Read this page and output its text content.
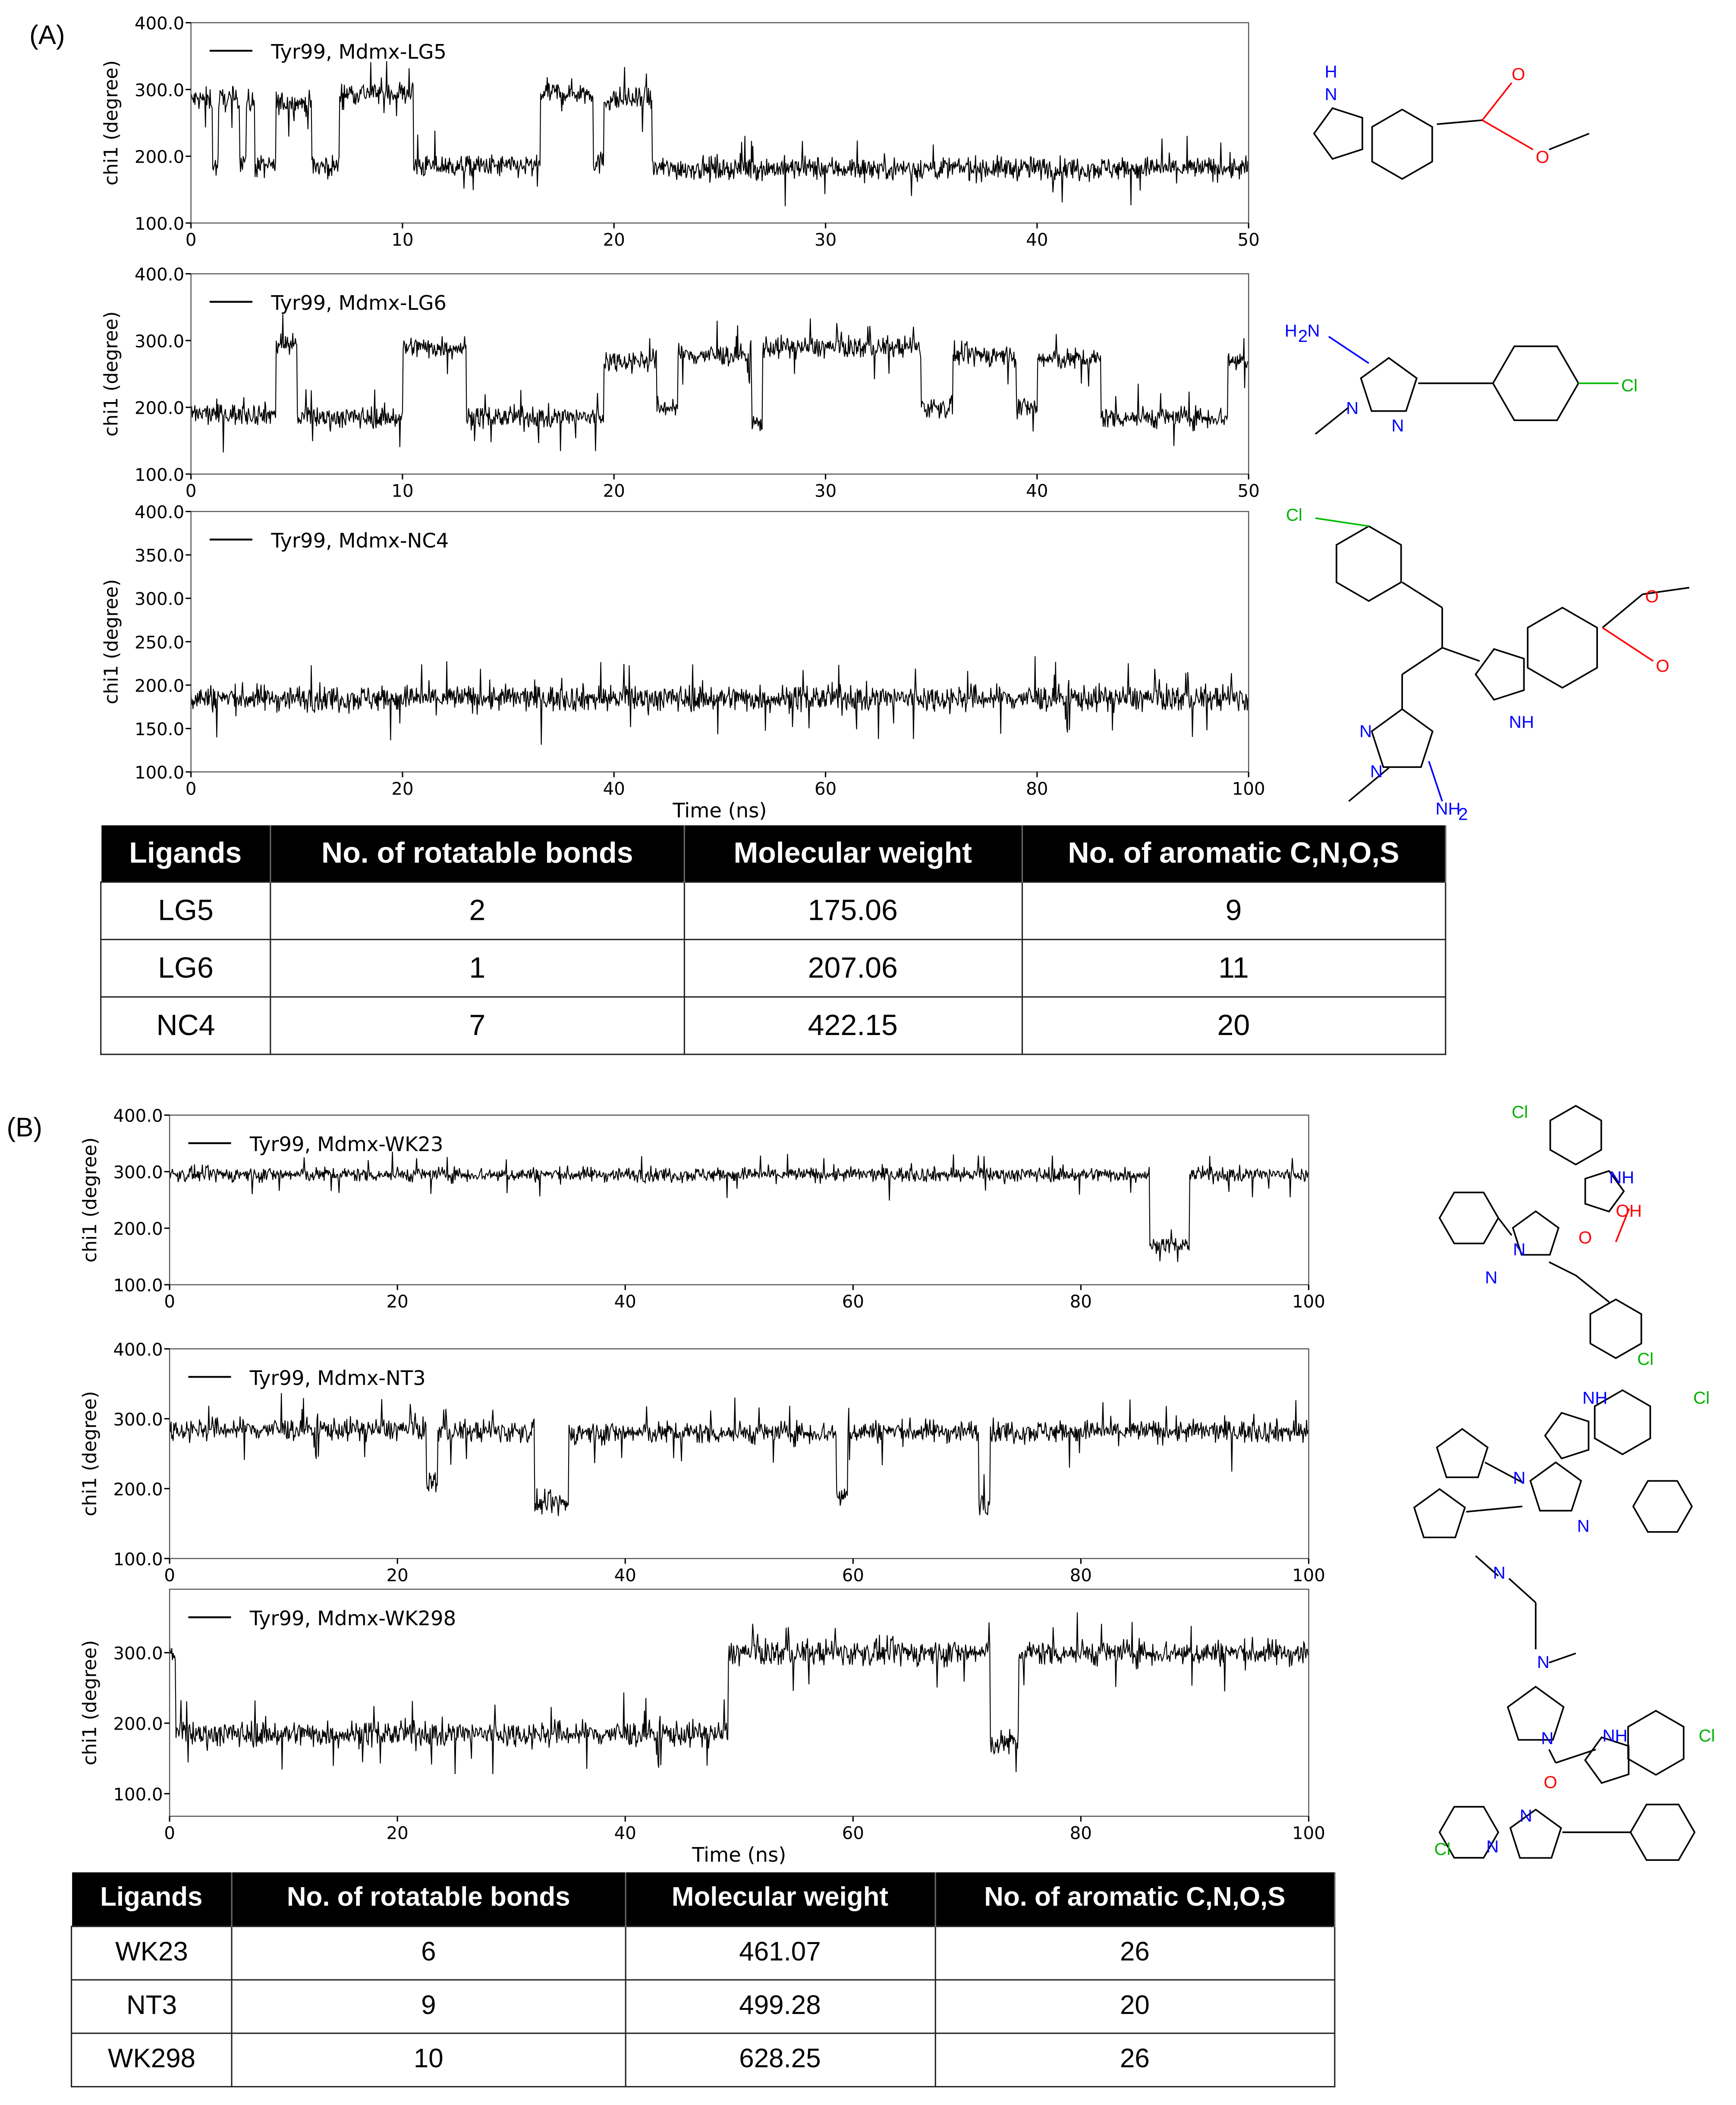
(A)
(B)
0	10	20	30	40	50
100.0
200.0
300.0
400.0
chi1 (degree)
Tyr99, Mdmx-LG5
0	10	20	30	40	50
100.0
200.0
300.0
400.0
chi1 (degree)
Tyr99, Mdmx-LG6
0	20	40	60	80	100
100.0
150.0
200.0
250.0
300.0
350.0
400.0
chi1 (degree)
Tyr99, Mdmx-NC4
Time (ns)
0	20	40	60	80	100
100.0
200.0
300.0
400.0
chi1 (degree)	Tyr99, Mdmx-WK23
0	20	40	60	80	100
100.0
200.0
300.0
400.0
chi1 (degree)
Tyr99, Mdmx-NT3
0	20	40	60	80	100
100.0
200.0
300.0
chi1 (degree)
Tyr99, Mdmx-WK298
Time (ns)
Ligands	No. of rotatable bonds	Molecular weight	No. of aromatic C,N,O,S
LG5	2	175.06	9
LG6	1	207.06	11
NC4	7	422.15	20
Ligands	No. of rotatable bonds	Molecular weight	No. of aromatic C,N,O,S
WK23	6	461.07	26
NT3	9	499.28	20
WK298	10	628.25	26
H
N
O
O
H 2 N
N
N
Cl
Cl
O
O
NH
N
N
NH
2
Cl
NH
OH
O
N
N
Cl
NH	Cl
N
N
N
N
N
O
NH	Cl
Cl
N
N
